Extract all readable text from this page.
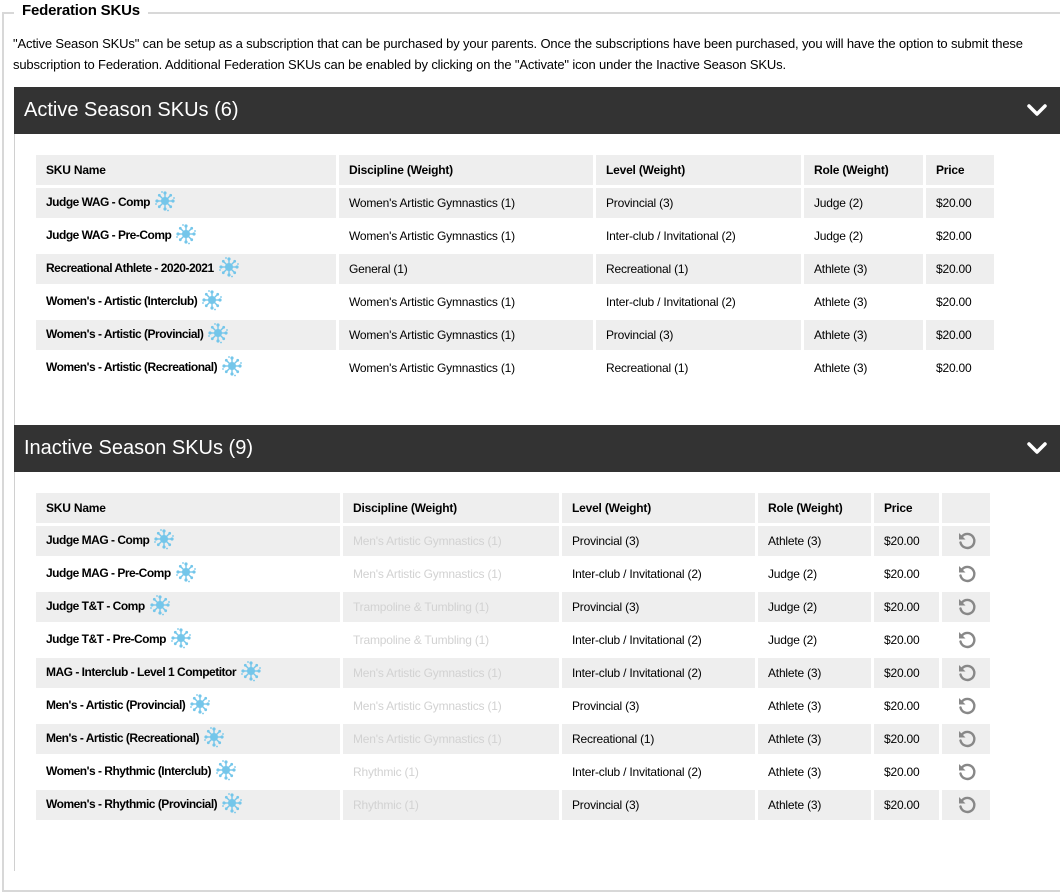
Federation SKUs
"Active Season SKUs" can be setup as a subscription that can be purchased by your parents. Once the subscriptions have been purchased, you will have the option to submit these subscription to Federation. Additional Federation SKUs can be enabled by clicking on the "Activate" icon under the Inactive Season SKUs.
Active Season SKUs (6)
SKU Name	Discipline (Weight)	Level (Weight)	Role (Weight)	Price
Judge WAG - Comp	Women's Artistic Gymnastics (1)	Provincial (3)	Judge (2)	$20.00
Judge WAG - Pre-Comp	Women's Artistic Gymnastics (1)	Inter-club / Invitational (2)	Judge (2)	$20.00
Recreational Athlete - 2020-2021	General (1)	Recreational (1)	Athlete (3)	$20.00
Women's - Artistic (Interclub)	Women's Artistic Gymnastics (1)	Inter-club / Invitational (2)	Athlete (3)	$20.00
Women's - Artistic (Provincial)	Women's Artistic Gymnastics (1)	Provincial (3)	Athlete (3)	$20.00
Women's - Artistic (Recreational)	Women's Artistic Gymnastics (1)	Recreational (1)	Athlete (3)	$20.00
Inactive Season SKUs (9)
SKU Name	Discipline (Weight)	Level (Weight)	Role (Weight)	Price	
Judge MAG - Comp	Men's Artistic Gymnastics (1)	Provincial (3)	Athlete (3)	$20.00	
Judge MAG - Pre-Comp	Men's Artistic Gymnastics (1)	Inter-club / Invitational (2)	Judge (2)	$20.00	
Judge T&T - Comp	Trampoline & Tumbling (1)	Provincial (3)	Judge (2)	$20.00	
Judge T&T - Pre-Comp	Trampoline & Tumbling (1)	Inter-club / Invitational (2)	Judge (2)	$20.00	
MAG - Interclub - Level 1 Competitor	Men's Artistic Gymnastics (1)	Inter-club / Invitational (2)	Athlete (3)	$20.00	
Men's - Artistic (Provincial)	Men's Artistic Gymnastics (1)	Provincial (3)	Athlete (3)	$20.00	
Men's - Artistic (Recreational)	Men's Artistic Gymnastics (1)	Recreational (1)	Athlete (3)	$20.00	
Women's - Rhythmic (Interclub)	Rhythmic (1)	Inter-club / Invitational (2)	Athlete (3)	$20.00	
Women's - Rhythmic (Provincial)	Rhythmic (1)	Provincial (3)	Athlete (3)	$20.00	
